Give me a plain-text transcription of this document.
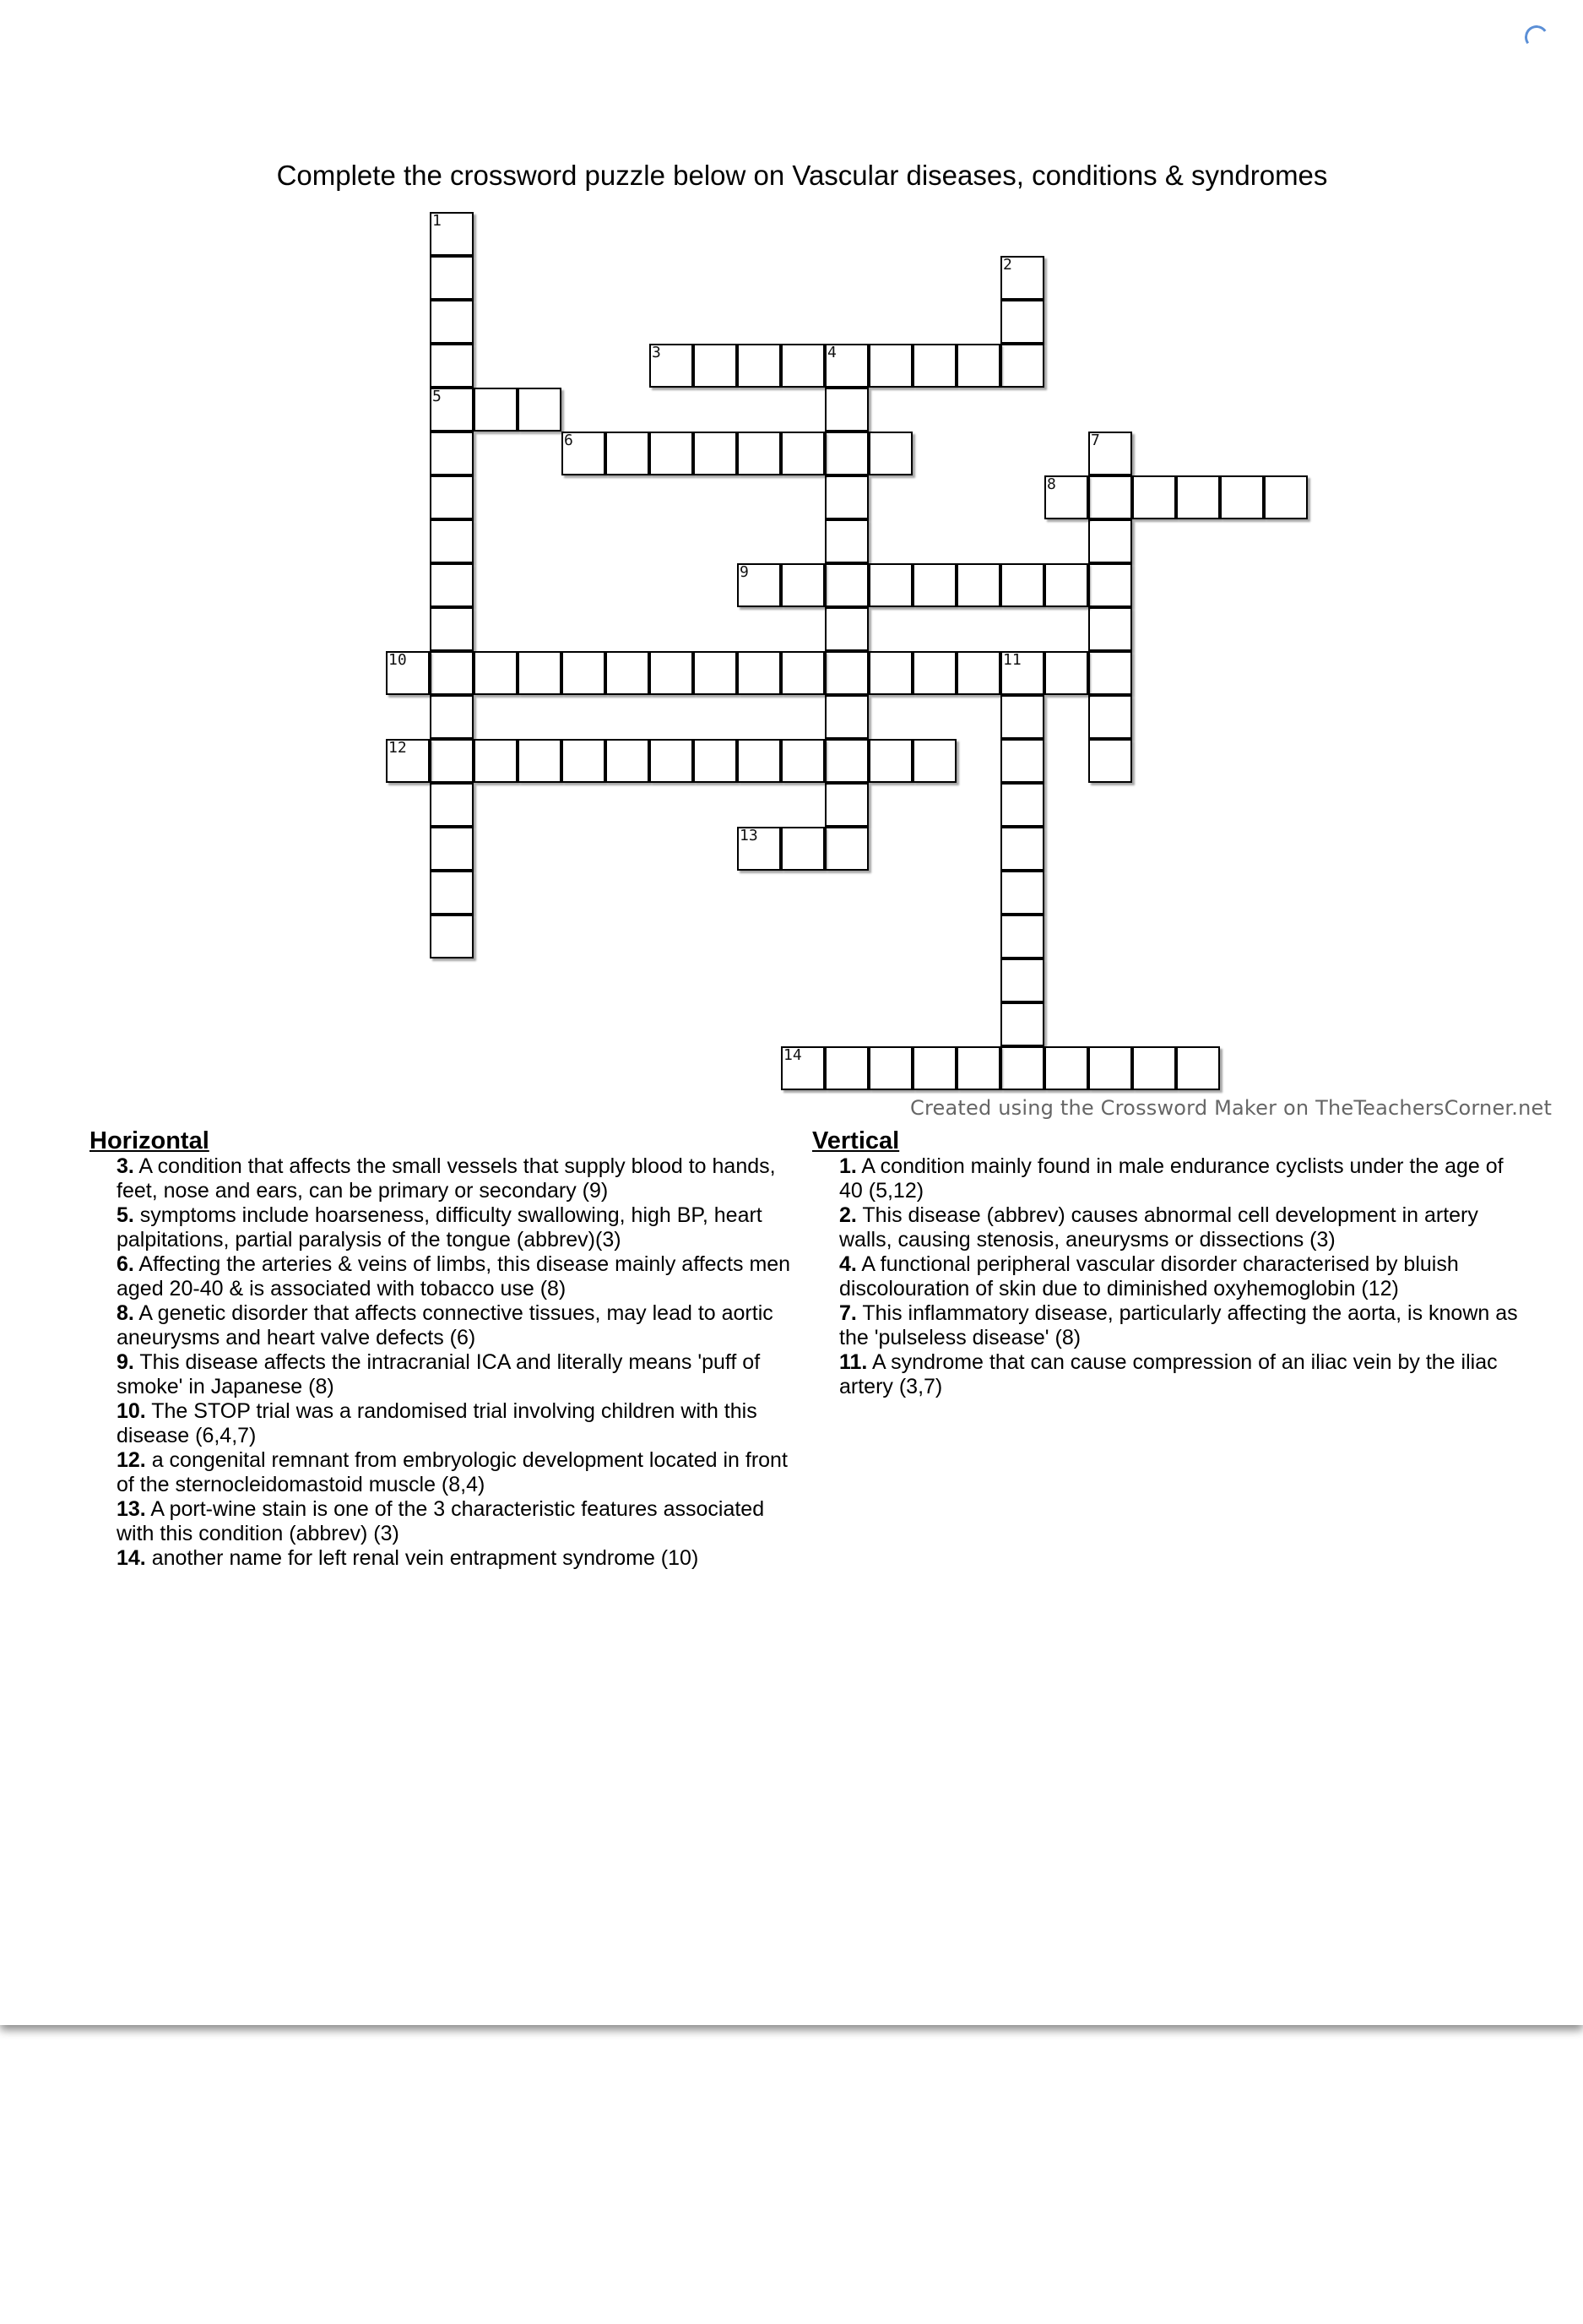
Complete the crossword puzzle below on Vascular diseases, conditions & syndromes
1
5
2
3	4
6	7
8
9
10	11
12
13
14
Created using the Crossword Maker on TheTeachersCorner.net
Horizontal
3. A condition that affects the small vessels that supply blood to hands, feet, nose and ears, can be primary or secondary (9)
5. symptoms include hoarseness, difficulty swallowing, high BP, heart palpitations, partial paralysis of the tongue (abbrev)(3)
6. Affecting the arteries & veins of limbs, this disease mainly affects men aged 20-40 & is associated with tobacco use (8)
8. A genetic disorder that affects connective tissues, may lead to aortic aneurysms and heart valve defects (6)
9. This disease affects the intracranial ICA and literally means 'puff of smoke' in Japanese (8)
10. The STOP trial was a randomised trial involving children with this disease (6,4,7)
12. a congenital remnant from embryologic development located in front of the sternocleidomastoid muscle (8,4)
13. A port-wine stain is one of the 3 characteristic features associated with this condition (abbrev) (3)
14. another name for left renal vein entrapment syndrome (10)
Vertical
1. A condition mainly found in male endurance cyclists under the age of 40 (5,12)
2. This disease (abbrev) causes abnormal cell development in artery walls, causing stenosis, aneurysms or dissections (3)
4. A functional peripheral vascular disorder characterised by bluish discolouration of skin due to diminished oxyhemoglobin (12)
7. This inflammatory disease, particularly affecting the aorta, is known as the 'pulseless disease' (8)
11. A syndrome that can cause compression of an iliac vein by the iliac artery (3,7)
